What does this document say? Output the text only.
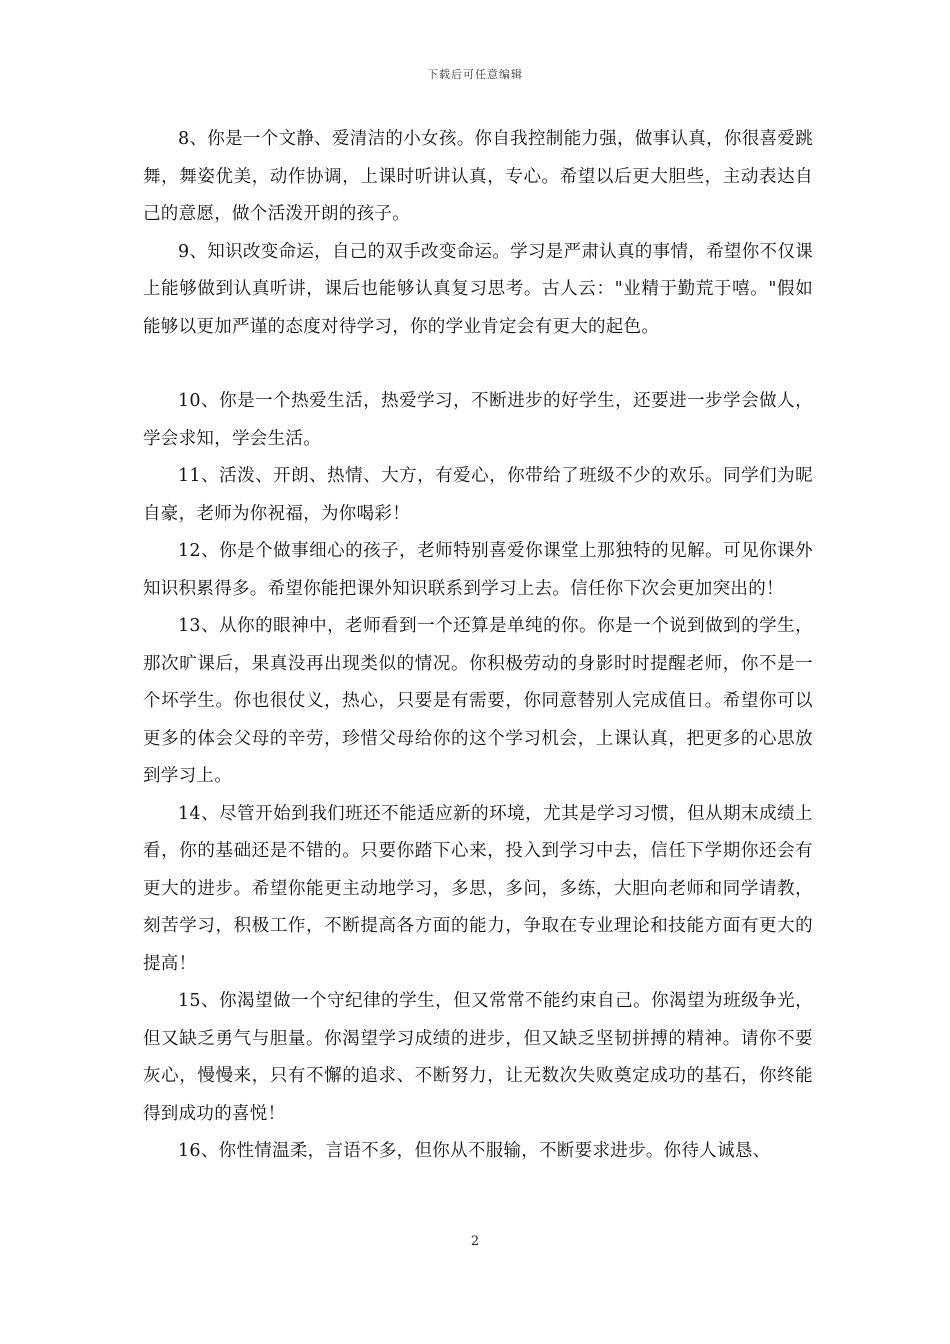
下载后可任意编辑

8、你是一个文静、爱清洁的小女孩。你自我控制能力强，做事认真，你很喜爱跳舞，舞姿优美，动作协调，上课时听讲认真，专心。希望以后更大胆些，主动表达自己的意愿，做个活泼开朗的孩子。

9、知识改变命运，自己的双手改变命运。学习是严肃认真的事情，希望你不仅课上能够做到认真听讲，课后也能够认真复习思考。古人云："业精于勤荒于嘻。"假如能够以更加严谨的态度对待学习，你的学业肯定会有更大的起色。

10、你是一个热爱生活，热爱学习，不断进步的好学生，还要进一步学会做人，学会求知，学会生活。

11、活泼、开朗、热情、大方，有爱心，你带给了班级不少的欢乐。同学们为昵自豪，老师为你祝福，为你喝彩！

12、你是个做事细心的孩子，老师特别喜爱你课堂上那独特的见解。可见你课外知识积累得多。希望你能把课外知识联系到学习上去。信任你下次会更加突出的！

13、从你的眼神中，老师看到一个还算是单纯的你。你是一个说到做到的学生，那次旷课后，果真没再出现类似的情况。你积极劳动的身影时时提醒老师，你不是一个坏学生。你也很仗义，热心，只要是有需要，你同意替别人完成值日。希望你可以更多的体会父母的辛劳，珍惜父母给你的这个学习机会，上课认真，把更多的心思放到学习上。

14、尽管开始到我们班还不能适应新的环境，尤其是学习习惯，但从期末成绩上看，你的基础还是不错的。只要你踏下心来，投入到学习中去，信任下学期你还会有更大的进步。希望你能更主动地学习，多思，多问，多练，大胆向老师和同学请教，刻苦学习，积极工作，不断提高各方面的能力，争取在专业理论和技能方面有更大的提高！

15、你渴望做一个守纪律的学生，但又常常不能约束自己。你渴望为班级争光，但又缺乏勇气与胆量。你渴望学习成绩的进步，但又缺乏坚韧拼搏的精神。请你不要灰心，慢慢来，只有不懈的追求、不断努力，让无数次失败奠定成功的基石，你终能得到成功的喜悦！

16、你性情温柔，言语不多，但你从不服输，不断要求进步。你待人诚恳、

2
